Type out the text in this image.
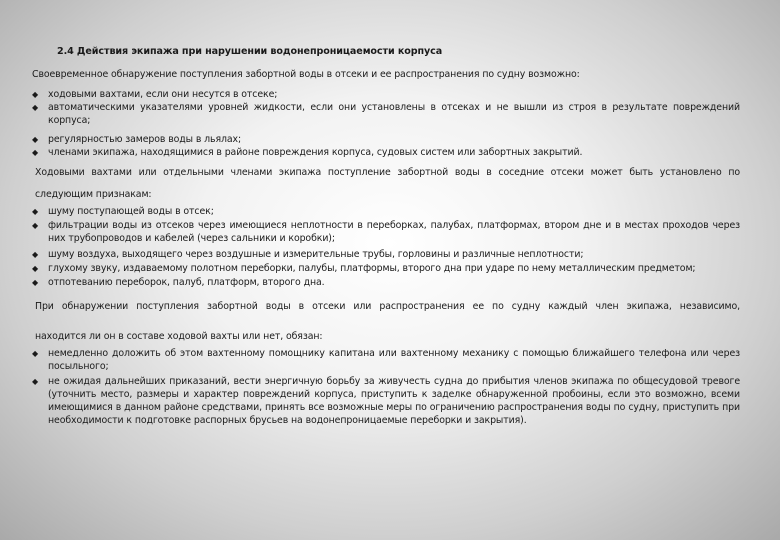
2.4 Действия экипажа при нарушении водонепроницаемости корпуса
Своевременное обнаружение поступления забортной воды в отсеки и ее распространения по судну возможно:
◆ ходовыми вахтами, если они несутся в отсеке;
◆ автоматическими указателями уровней жидкости, если они установлены в отсеках и не вышли из строя в результате повреждений корпуса;
◆ регулярностью замеров воды в льялах;
◆ членами экипажа, находящимися в районе повреждения корпуса, судовых систем или забортных закрытий.
Ходовыми вахтами или отдельными членами экипажа поступление забортной воды в соседние отсеки может быть установлено по
следующим признакам:
◆ шуму поступающей воды в отсек;
◆ фильтрации воды из отсеков через имеющиеся неплотности в переборках, палубах, платформах, втором дне и в местах проходов через них трубопроводов и кабелей (через сальники и коробки);
◆ шуму воздуха, выходящего через воздушные и измерительные трубы, горловины и различные неплотности;
◆ глухому звуку, издаваемому полотном переборки, палубы, платформы, второго дна при ударе по нему металлическим предметом;
◆ отпотеванию переборок, палуб, платформ, второго дна.
При обнаружении поступления забортной воды в отсеки или распространения ее по судну каждый член экипажа, независимо,
находится ли он в составе ходовой вахты или нет, обязан:
◆ немедленно доложить об этом вахтенному помощнику капитана или вахтенному механику с помощью ближайшего телефона или через посыльного;
◆ не ожидая дальнейших приказаний, вести энергичную борьбу за живучесть судна до прибытия членов экипажа по общесудовой тревоге (уточнить место, размеры и характер повреждений корпуса, приступить к заделке обнаруженной пробоины, если это возможно, всеми имеющимися в данном районе средствами, принять все возможные меры по ограничению распространения воды по судну, приступить при необходимости к подготовке распорных брусьев на водонепроницаемые переборки и закрытия).
